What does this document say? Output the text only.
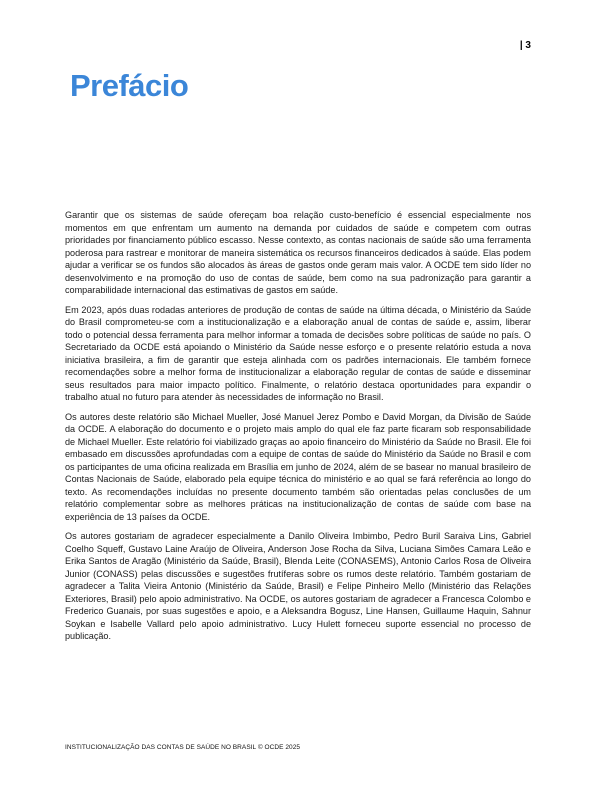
| 3
Prefácio

Garantir que os sistemas de saúde ofereçam boa relação custo-benefício é essencial especialmente nos momentos em que enfrentam um aumento na demanda por cuidados de saúde e competem com outras prioridades por financiamento público escasso. Nesse contexto, as contas nacionais de saúde são uma ferramenta poderosa para rastrear e monitorar de maneira sistemática os recursos financeiros dedicados à saúde. Elas podem ajudar a verificar se os fundos são alocados às áreas de gastos onde geram mais valor. A OCDE tem sido líder no desenvolvimento e na promoção do uso de contas de saúde, bem como na sua padronização para garantir a comparabilidade internacional das estimativas de gastos em saúde.

Em 2023, após duas rodadas anteriores de produção de contas de saúde na última década, o Ministério da Saúde do Brasil comprometeu-se com a institucionalização e a elaboração anual de contas de saúde e, assim, liberar todo o potencial dessa ferramenta para melhor informar a tomada de decisões sobre políticas de saúde no país. O Secretariado da OCDE está apoiando o Ministério da Saúde nesse esforço e o presente relatório estuda a nova iniciativa brasileira, a fim de garantir que esteja alinhada com os padrões internacionais. Ele também fornece recomendações sobre a melhor forma de institucionalizar a elaboração regular de contas de saúde e disseminar seus resultados para maior impacto político. Finalmente, o relatório destaca oportunidades para expandir o trabalho atual no futuro para atender às necessidades de informação no Brasil.

Os autores deste relatório são Michael Mueller, José Manuel Jerez Pombo e David Morgan, da Divisão de Saúde da OCDE. A elaboração do documento e o projeto mais amplo do qual ele faz parte ficaram sob responsabilidade de Michael Mueller. Este relatório foi viabilizado graças ao apoio financeiro do Ministério da Saúde no Brasil. Ele foi embasado em discussões aprofundadas com a equipe de contas de saúde do Ministério da Saúde no Brasil e com os participantes de uma oficina realizada em Brasília em junho de 2024, além de se basear no manual brasileiro de Contas Nacionais de Saúde, elaborado pela equipe técnica do ministério e ao qual se fará referência ao longo do texto. As recomendações incluídas no presente documento também são orientadas pelas conclusões de um relatório complementar sobre as melhores práticas na institucionalização de contas de saúde com base na experiência de 13 países da OCDE.

Os autores gostariam de agradecer especialmente a Danilo Oliveira Imbimbo, Pedro Buril Saraiva Lins, Gabriel Coelho Squeff, Gustavo Laine Araújo de Oliveira, Anderson Jose Rocha da Silva, Luciana Simões Camara Leão e Erika Santos de Aragão (Ministério da Saúde, Brasil), Blenda Leite (CONASEMS), Antonio Carlos Rosa de Oliveira Junior (CONASS) pelas discussões e sugestões frutíferas sobre os rumos deste relatório. Também gostariam de agradecer a Talita Vieira Antonio (Ministério da Saúde, Brasil) e Felipe Pinheiro Mello (Ministério das Relações Exteriores, Brasil) pelo apoio administrativo. Na OCDE, os autores gostariam de agradecer a Francesca Colombo e Frederico Guanais, por suas sugestões e apoio, e a Aleksandra Bogusz, Line Hansen, Guillaume Haquin, Sahnur Soykan e Isabelle Vallard pelo apoio administrativo. Lucy Hulett forneceu suporte essencial no processo de publicação.

INSTITUCIONALIZAÇÃO DAS CONTAS DE SAÚDE NO BRASIL © OCDE 2025
